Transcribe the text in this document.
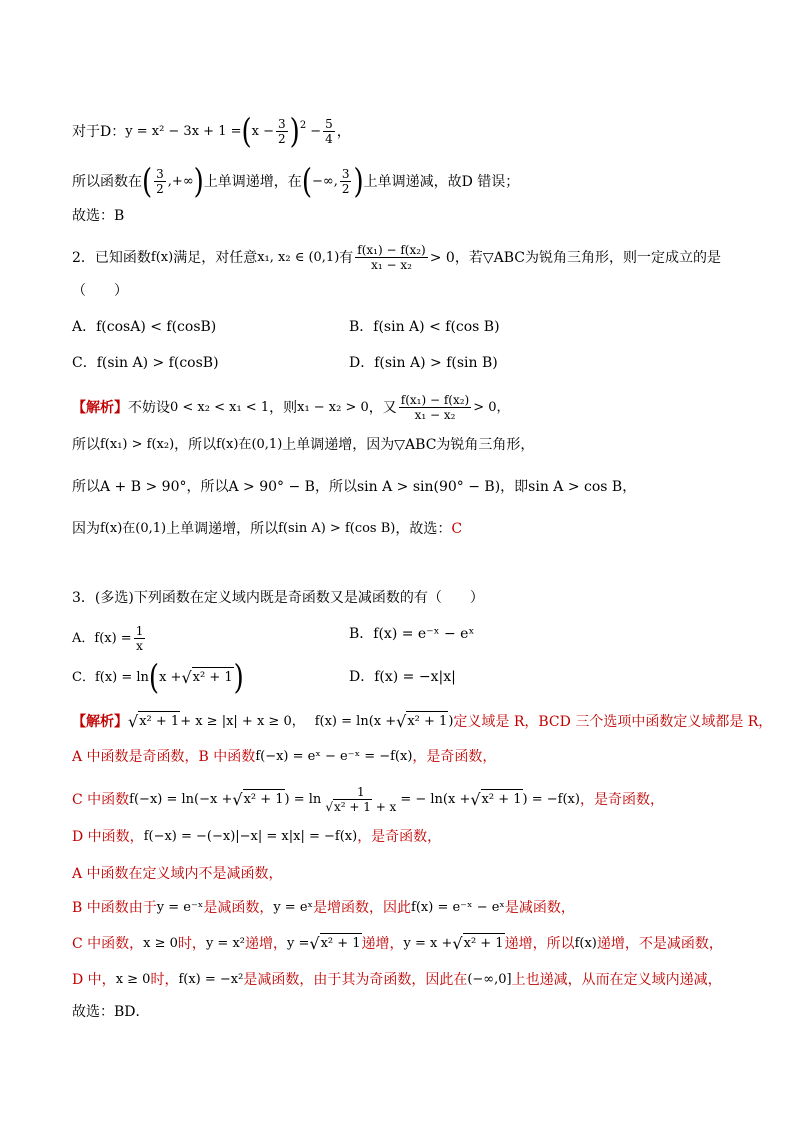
对于D： y = x² − 3x + 1 = ( $x - \frac{3}{2} )^2 - \frac{5}{4}$ ，
所以函数在 ( $\frac{3}{2}$ ,+∞ ) 上单调递增，在 ( −∞, $\frac{3}{2}$ ) 上单调递减，故D 错误；
故选：B
2．已知函数 f(x) 满足，对任意 x₁, x₂ ∈ (0,1) 有 $\frac{\text{f(x₁) − f(x₂)}}{\text{x₁ − x₂}} > 0$，若▽ABC为锐角三角形，则一定成立的是
（　　）
A．f(cosA) < f(cosB)	B．f(sin A) < f(cos B)
C．f(sin A) > f(cosB)	D．f(sin A) > f(sin B)
【解析】 不妨设 0 < x₂ < x₁ < 1 ，则 x₁ − x₂ > 0 ，又 $\frac{\text{f(x₁) − f(x₂)}}{\text{x₁ − x₂}} > 0$，
所以 f(x₁) > f(x₂) ，所以 f(x)在(0,1) 上单调递增，因为▽ABC为锐角三角形，
所以A + B > 90°，所以A > 90° − B，所以sin A > sin(90° − B)，即sin A > cos B，
因为 f(x)在(0,1) 上单调递增，所以 f(sin A) > f(cos B) ，故选： C
3．(多选)下列函数在定义域内既是奇函数又是减函数的有（　　）
A．$f(x) = \frac{1}{x}$	B．f(x) = e⁻ˣ − eˣ
C．f(x) = ln ( x + √ x² + 1 )	D．f(x) = −x|x|
【解析】 √ x² + 1 + x ≥ |x| + x ≥ 0， f(x) = ln(x + √ x² + 1 ) 定义域是 R，BCD 三个选项中函数定义域都是 R，
A 中函数是奇函数，B 中函数 f(−x) = eˣ − e⁻ˣ = −f(x) ，是奇函数，
C 中函数 f(−x) = ln(−x + √ x² + 1 ) = $\ln \frac{1}{\text{√x² + 1 + x}}$ = − ln(x + √ x² + 1 ) = −f(x) ，是奇函数，
D 中函数， f(−x) = −(−x)|−x| = x|x| = −f(x) ，是奇函数，
A 中函数在定义域内不是减函数，
B 中函数由于 y = e⁻ˣ 是减函数， y = eˣ 是增函数，因此 f(x) = e⁻ˣ − eˣ 是减函数，
C 中函数， x ≥ 0 时， y = x² 递增， y = √ x² + 1 递增， y = x + √ x² + 1 递增，所以 f(x) 递增，不是减函数，
D 中， x ≥ 0 时， f(x) = −x² 是减函数，由于其为奇函数，因此在 (−∞,0] 上也递减，从而在定义域内递减，
故选：BD．
